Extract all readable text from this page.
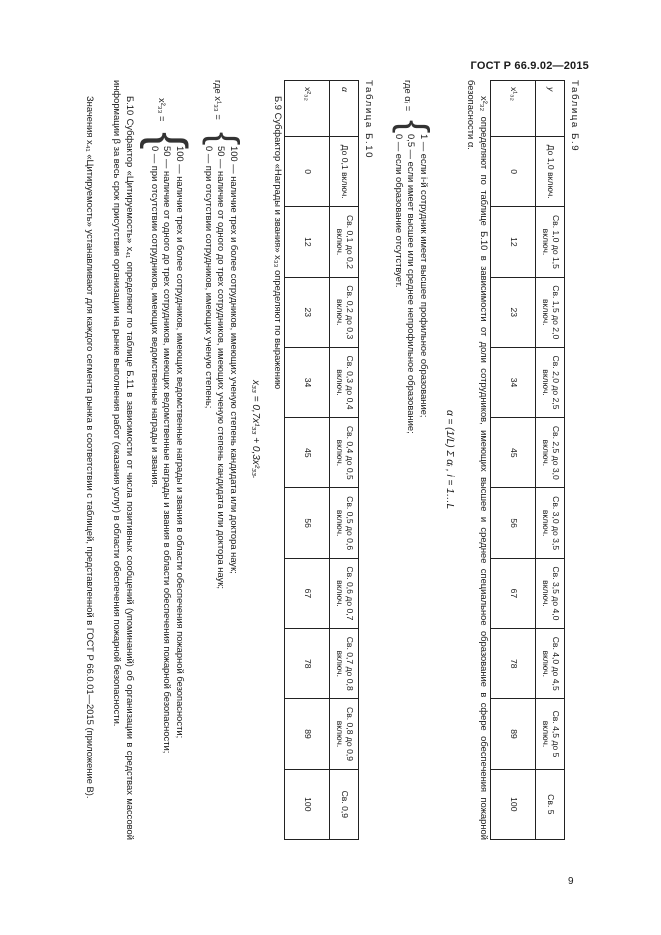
ГОСТ Р 66.9.02—2015
Таблица Б.9
y	До 1,0 включ.	Св. 1,0 до 1,5 включ.	Св. 1,5 до 2,0 включ.	Св. 2,0 до 2,5 включ.	Св. 2,5 до 3,0 включ.	Св. 3,0 до 3,5 включ.	Св. 3,5 до 4,0 включ.	Св. 4,0 до 4,5 включ.	Св. 4,5 до 5 включ.	Св. 5
x¹₃₂	0	12	23	34	45	56	67	78	89	100
x²₃₂ определяют по таблице Б.10 в зависимости от доли сотрудников, имеющих высшее и среднее специальное образование в сфере обеспечения пожарной безопасности α.
α = (1/L) Σ αᵢ , i = 1…L
где αᵢ =
{
1 — если i-й сотрудник имеет высшее профильное образование;
0,5 — если имеет высшее или среднее непрофильное образование;
0 — если образование отсутствует.
Таблица Б.10
α	До 0,1 включ.	Св. 0,1 до 0,2 включ.	Св. 0,2 до 0,3 включ.	Св. 0,3 до 0,4 включ.	Св. 0,4 до 0,5 включ.	Св. 0,5 до 0,6 включ.	Св. 0,6 до 0,7 включ.	Св. 0,7 до 0,8 включ.	Св. 0,8 до 0,9 включ.	Св. 0,9
x²₃₂	0	12	23	34	45	56	67	78	89	100
Б.9 Субфактор «Награды и звания» x₃₃ определяют по выражению
x₃₃ = 0,7x¹₃₃ + 0,3x²₃₃.
где x¹₃₃ =
{
100 — наличие трех и более сотрудников, имеющих ученую степень кандидата или доктора наук;
50 — наличие от одного до трех сотрудников, имеющих ученую степень кандидата или доктора наук;
0 — при отсутствии сотрудников, имеющих ученую степень;
x²₃₃ =
{
100 — наличие трех и более сотрудников, имеющих ведомственные награды и звания в области обеспечения пожарной безопасности;
50 — наличие от одного до трех сотрудников, имеющих ведомственные награды и звания в области обеспечения пожарной безопасности;
0 — при отсутствии сотрудников, имеющих ведомственные награды и звания.
Б.10 Субфактор «Цитируемость» x₄₁ определяют по таблице Б.11 в зависимости от числа позитивных сообщений (упоминаний) об организации в средствах массовой информации β за весь срок присутствия организации на рынке выполнения работ (оказания услуг) в области обеспечения пожарной безопасности.
Значения x₄₁ «Цитируемость» устанавливают для каждого сегмента рынка в соответствии с таблицей, представленной в ГОСТ Р 66.0.01—2015 (приложение В).
9
